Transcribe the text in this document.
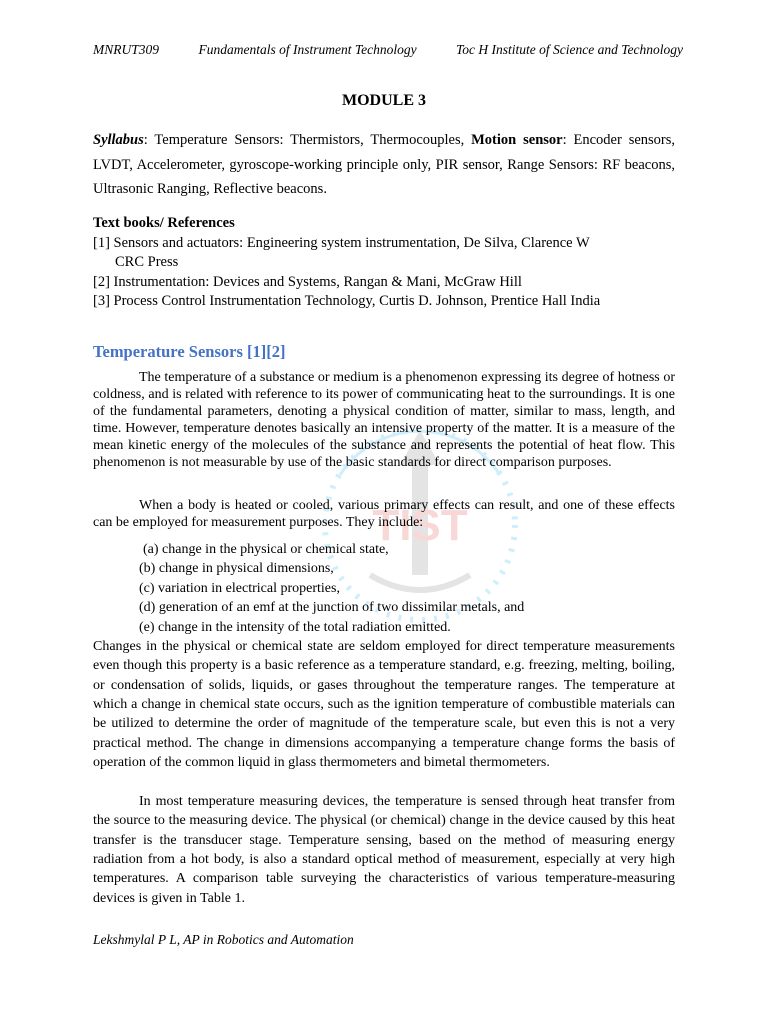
TIST
MNRUT309	Fundamentals of Instrument Technology	Toc H Institute of Science and Technology
MODULE 3
Syllabus: Temperature Sensors: Thermistors, Thermocouples, Motion sensor: Encoder sensors, LVDT, Accelerometer, gyroscope-working principle only, PIR sensor, Range Sensors: RF beacons, Ultrasonic Ranging, Reflective beacons.
Text books/ References
[1] Sensors and actuators: Engineering system instrumentation, De Silva, Clarence W
CRC Press
[2] Instrumentation: Devices and Systems, Rangan & Mani, McGraw Hill
[3] Process Control Instrumentation Technology, Curtis D. Johnson, Prentice Hall India
Temperature Sensors [1][2]
The temperature of a substance or medium is a phenomenon expressing its degree of hotness or coldness, and is related with reference to its power of communicating heat to the surroundings. It is one of the fundamental parameters, denoting a physical condition of matter, similar to mass, length, and time. However, temperature denotes basically an intensive property of the matter. It is a measure of the mean kinetic energy of the molecules of the substance and represents the potential of heat flow. This phenomenon is not measurable by use of the basic standards for direct comparison purposes.
When a body is heated or cooled, various primary effects can result, and one of these effects can be employed for measurement purposes. They include:
(a) change in the physical or chemical state,
(b) change in physical dimensions,
(c) variation in electrical properties,
(d) generation of an emf at the junction of two dissimilar metals, and
(e) change in the intensity of the total radiation emitted.
Changes in the physical or chemical state are seldom employed for direct temperature measurements even though this property is a basic reference as a temperature standard, e.g. freezing, melting, boiling, or condensation of solids, liquids, or gases throughout the temperature ranges. The temperature at which a change in chemical state occurs, such as the ignition temperature of combustible materials can be utilized to determine the order of magnitude of the temperature scale, but even this is not a very practical method. The change in dimensions accompanying a temperature change forms the basis of operation of the common liquid in glass thermometers and bimetal thermometers.
In most temperature measuring devices, the temperature is sensed through heat transfer from the source to the measuring device. The physical (or chemical) change in the device caused by this heat transfer is the transducer stage. Temperature sensing, based on the method of measuring energy radiation from a hot body, is also a standard optical method of measurement, especially at very high temperatures. A comparison table surveying the characteristics of various temperature-measuring devices is given in Table 1.
Lekshmylal P L, AP in Robotics and Automation
